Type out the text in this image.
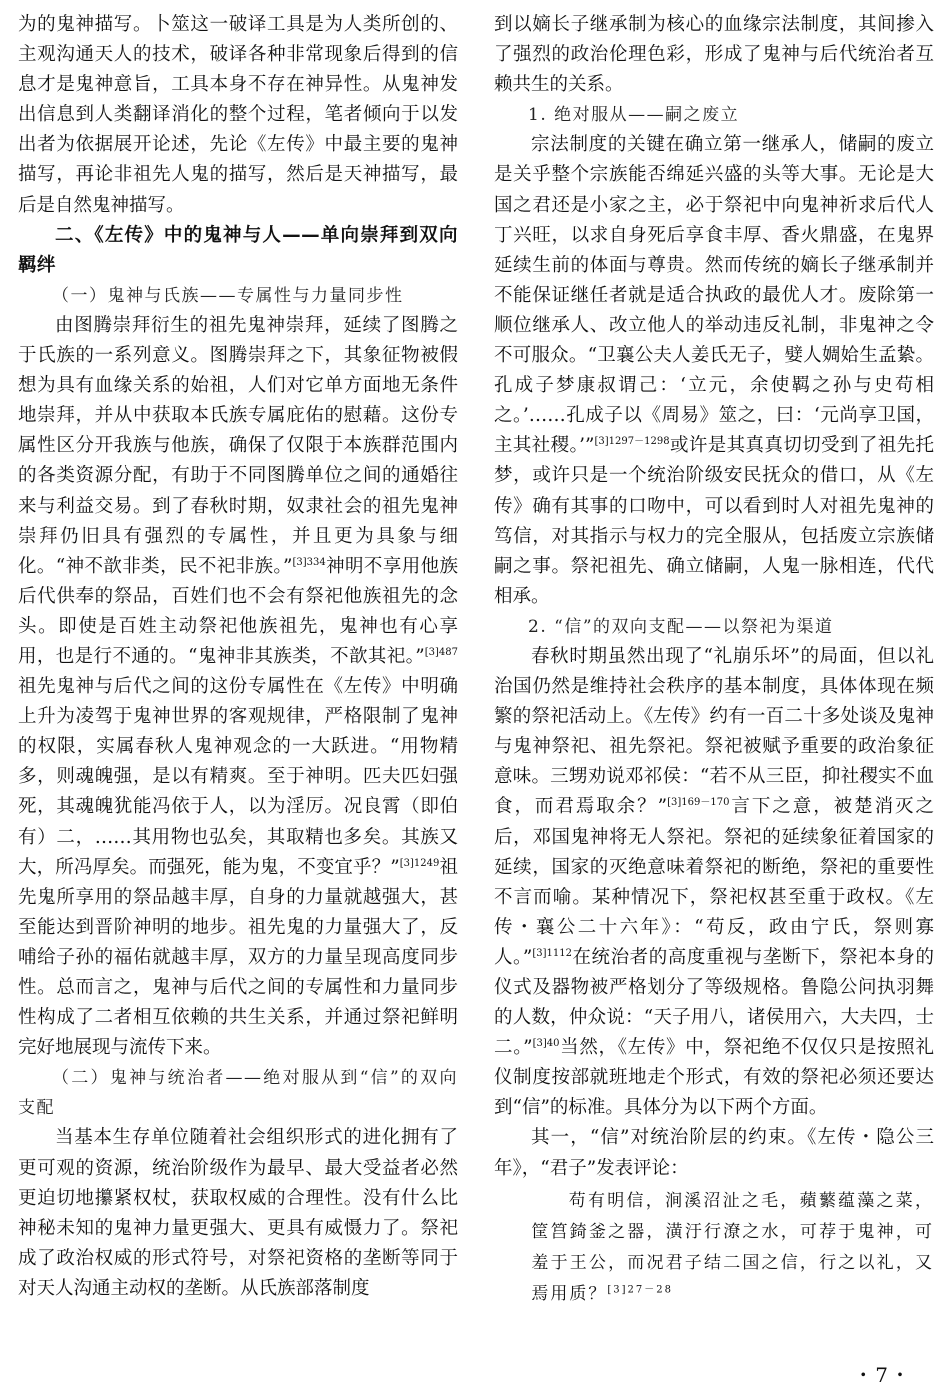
为的鬼神描写。卜筮这一破译工具是为人类所创的、主观沟通天人的技术，破译各种非常现象后得到的信息才是鬼神意旨，工具本身不存在神异性。从鬼神发出信息到人类翻译消化的整个过程，笔者倾向于以发出者为依据展开论述，先论《左传》中最主要的鬼神描写，再论非祖先人鬼的描写，然后是天神描写，最后是自然鬼神描写。

二、《左传》中的鬼神与人——单向崇拜到双向羁绊

（一）鬼神与氏族——专属性与力量同步性

由图腾崇拜衍生的祖先鬼神崇拜，延续了图腾之于氏族的一系列意义。图腾崇拜之下，其象征物被假想为具有血缘关系的始祖，人们对它单方面地无条件地崇拜，并从中获取本氏族专属庇佑的慰藉。这份专属性区分开我族与他族，确保了仅限于本族群范围内的各类资源分配，有助于不同图腾单位之间的通婚往来与利益交易。到了春秋时期，奴隶社会的祖先鬼神崇拜仍旧具有强烈的专属性，并且更为具象与细化。“神不歆非类，民不祀非族。”$^{[3]334}$神明不享用他族后代供奉的祭品，百姓们也不会有祭祀他族祖先的念头。即使是百姓主动祭祀他族祖先，鬼神也有心享用，也是行不通的。“鬼神非其族类，不歆其祀。”$^{[3]487}$祖先鬼神与后代之间的这份专属性在《左传》中明确上升为凌驾于鬼神世界的客观规律，严格限制了鬼神的权限，实属春秋人鬼神观念的一大跃进。“用物精多，则魂魄强，是以有精爽。至于神明。匹夫匹妇强死，其魂魄犹能冯依于人，以为淫厉。况良霄（即伯有）二，……其用物也弘矣，其取精也多矣。其族又大，所冯厚矣。而强死，能为鬼，不变宜乎？”$^{[3]1249}$祖先鬼所享用的祭品越丰厚，自身的力量就越强大，甚至能达到晋阶神明的地步。祖先鬼的力量强大了，反哺给子孙的福佑就越丰厚，双方的力量呈现高度同步性。总而言之，鬼神与后代之间的专属性和力量同步性构成了二者相互依赖的共生关系，并通过祭祀鲜明完好地展现与流传下来。

（二）鬼神与统治者——绝对服从到“信”的双向支配

当基本生存单位随着社会组织形式的进化拥有了更可观的资源，统治阶级作为最早、最大受益者必然更迫切地攥紧权杖，获取权威的合理性。没有什么比神秘未知的鬼神力量更强大、更具有威慑力了。祭祀成了政治权威的形式符号，对祭祀资格的垄断等同于对天人沟通主动权的垄断。从氏族部落制度

到以嫡长子继承制为核心的血缘宗法制度，其间掺入了强烈的政治伦理色彩，形成了鬼神与后代统治者互赖共生的关系。

1. 绝对服从——嗣之废立

宗法制度的关键在确立第一继承人，储嗣的废立是关乎整个宗族能否绵延兴盛的头等大事。无论是大国之君还是小家之主，必于祭祀中向鬼神祈求后代人丁兴旺，以求自身死后享食丰厚、香火鼎盛，在鬼界延续生前的体面与尊贵。然而传统的嫡长子继承制并不能保证继任者就是适合执政的最优人才。废除第一顺位继承人、改立他人的举动违反礼制，非鬼神之令不可服众。“卫襄公夫人姜氏无子，嬖人婤姶生孟絷。孔成子梦康叔谓己：‘立元，余使羁之孙与史苟相之。’……孔成子以《周易》筮之，曰：‘元尚享卫国，主其社稷。’”$^{[3]1297-1298}$或许是其真真切切受到了祖先托梦，或许只是一个统治阶级安民抚众的借口，从《左传》确有其事的口吻中，可以看到时人对祖先鬼神的笃信，对其指示与权力的完全服从，包括废立宗族储嗣之事。祭祀祖先、确立储嗣，人鬼一脉相连，代代相承。

2. “信”的双向支配——以祭祀为渠道

春秋时期虽然出现了“礼崩乐坏”的局面，但以礼治国仍然是维持社会秩序的基本制度，具体体现在频繁的祭祀活动上。《左传》约有一百二十多处谈及鬼神与鬼神祭祀、祖先祭祀。祭祀被赋予重要的政治象征意味。三甥劝说邓祁侯：“若不从三臣，抑社稷实不血食，而君焉取余？”$^{[3]169-170}$言下之意，被楚消灭之后，邓国鬼神将无人祭祀。祭祀的延续象征着国家的延续，国家的灭绝意味着祭祀的断绝，祭祀的重要性不言而喻。某种情况下，祭祀权甚至重于政权。《左传・襄公二十六年》：“苟反，政由宁氏，祭则寡人。”$^{[3]1112}$在统治者的高度重视与垄断下，祭祀本身的仪式及器物被严格划分了等级规格。鲁隐公问执羽舞的人数，仲众说：“天子用八，诸侯用六，大夫四，士二。”$^{[3]40}$当然，《左传》中，祭祀绝不仅仅只是按照礼仪制度按部就班地走个形式，有效的祭祀必须还要达到“信”的标准。具体分为以下两个方面。

其一，“信”对统治阶层的约束。《左传・隐公三年》，“君子”发表评论：

苟有明信，涧溪沼沚之毛，蘋蘩蕴藻之菜，筐筥錡釜之器，潢汙行潦之水，可荐于鬼神，可羞于王公，而况君子结二国之信，行之以礼，又焉用质？$^{[3]27-28}$

・7・
